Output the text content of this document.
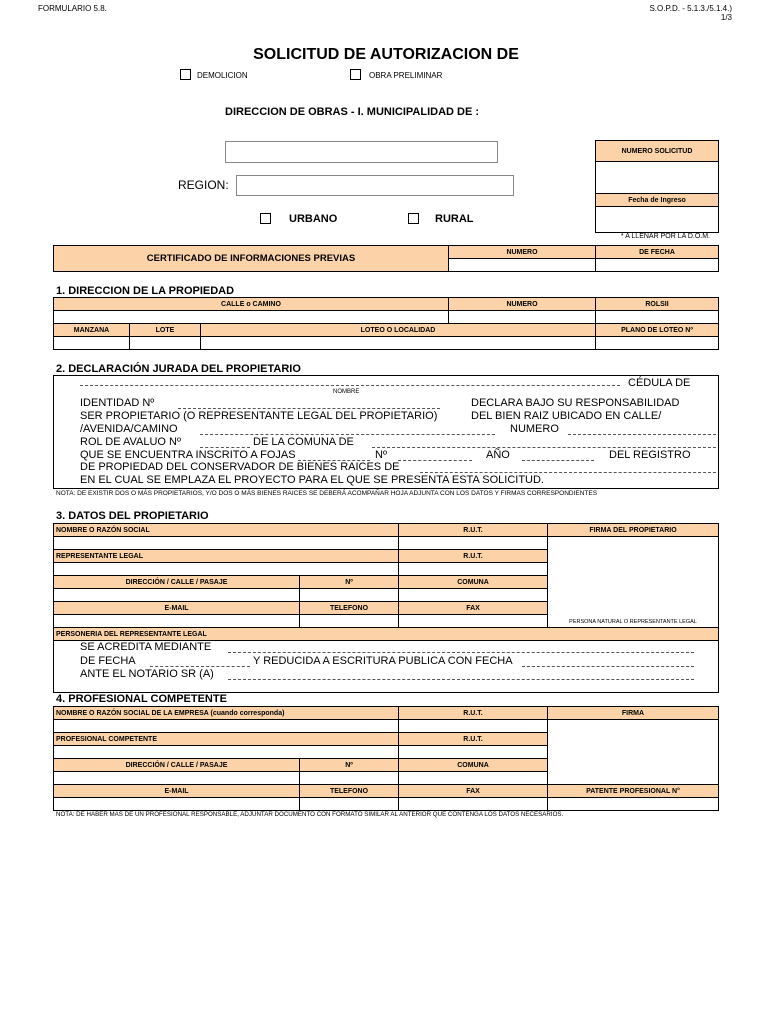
FORMULARIO 5.8.	S.O.P.D. - 5.1.3./5.1.4.)
1/3
SOLICITUD DE AUTORIZACION DE
DEMOLICION	OBRA PRELIMINAR
DIRECCION DE OBRAS - I. MUNICIPALIDAD DE :
REGION:
URBANO	RURAL
NUMERO SOLICITUD
Fecha de Ingreso
* A LLENAR POR LA D.O.M.
CERTIFICADO DE INFORMACIONES PREVIAS
NUMERO	DE FECHA
1. DIRECCION DE LA PROPIEDAD
CALLE o CAMINO	NUMERO	ROLSII
MANZANA	LOTE	LOTEO O LOCALIDAD	PLANO DE LOTEO Nº
2. DECLARACIÓN JURADA DEL PROPIETARIO
CÉDULA DE
NOMBRE
IDENTIDAD Nº	DECLARA BAJO SU RESPONSABILIDAD
SER PROPIETARIO (O REPRESENTANTE LEGAL DEL PROPIETARIO)	DEL BIEN RAIZ UBICADO EN CALLE/
/AVENIDA/CAMINO	NUMERO
ROL DE AVALUO Nº	DE LA COMUNA DE
QUE SE ENCUENTRA INSCRITO A FOJAS	Nº	AÑO	DEL REGISTRO
DE PROPIEDAD DEL CONSERVADOR DE BIENES RAICES DE
EN EL CUAL SE EMPLAZA EL PROYECTO PARA EL QUE SE PRESENTA ESTA SOLICITUD.
NOTA: DE EXISTIR DOS O MÁS PROPIETARIOS, Y/O DOS O MÁS BIENES RAICES SE DEBERÁ ACOMPAÑAR HOJA ADJUNTA CON LOS DATOS Y FIRMAS CORRESPONDIENTES
3. DATOS DEL PROPIETARIO
NOMBRE O RAZÓN SOCIAL	R.U.T.	FIRMA DEL PROPIETARIO
REPRESENTANTE LEGAL	R.U.T.
DIRECCIÓN / CALLE / PASAJE	Nº	COMUNA
E-MAIL	TELEFONO	FAX
PERSONA NATURAL O REPRESENTANTE LEGAL
PERSONERIA DEL REPRESENTANTE LEGAL
SE ACREDITA MEDIANTE
DE FECHA	Y REDUCIDA A ESCRITURA PUBLICA CON FECHA
ANTE EL NOTARIO SR (A)
4. PROFESIONAL COMPETENTE
NOMBRE O RAZÓN SOCIAL DE LA EMPRESA (cuando corresponda)	R.U.T.	FIRMA
PROFESIONAL COMPETENTE	R.U.T.
DIRECCIÓN / CALLE / PASAJE	Nº	COMUNA
E-MAIL	TELEFONO	FAX	PATENTE PROFESIONAL N°
NOTA: DE HABER MAS DE UN PROFESIONAL RESPONSABLE, ADJUNTAR DOCUMENTO CON FORMATO SIMILAR AL ANTERIOR QUE CONTENGA LOS DATOS NECESARIOS.
